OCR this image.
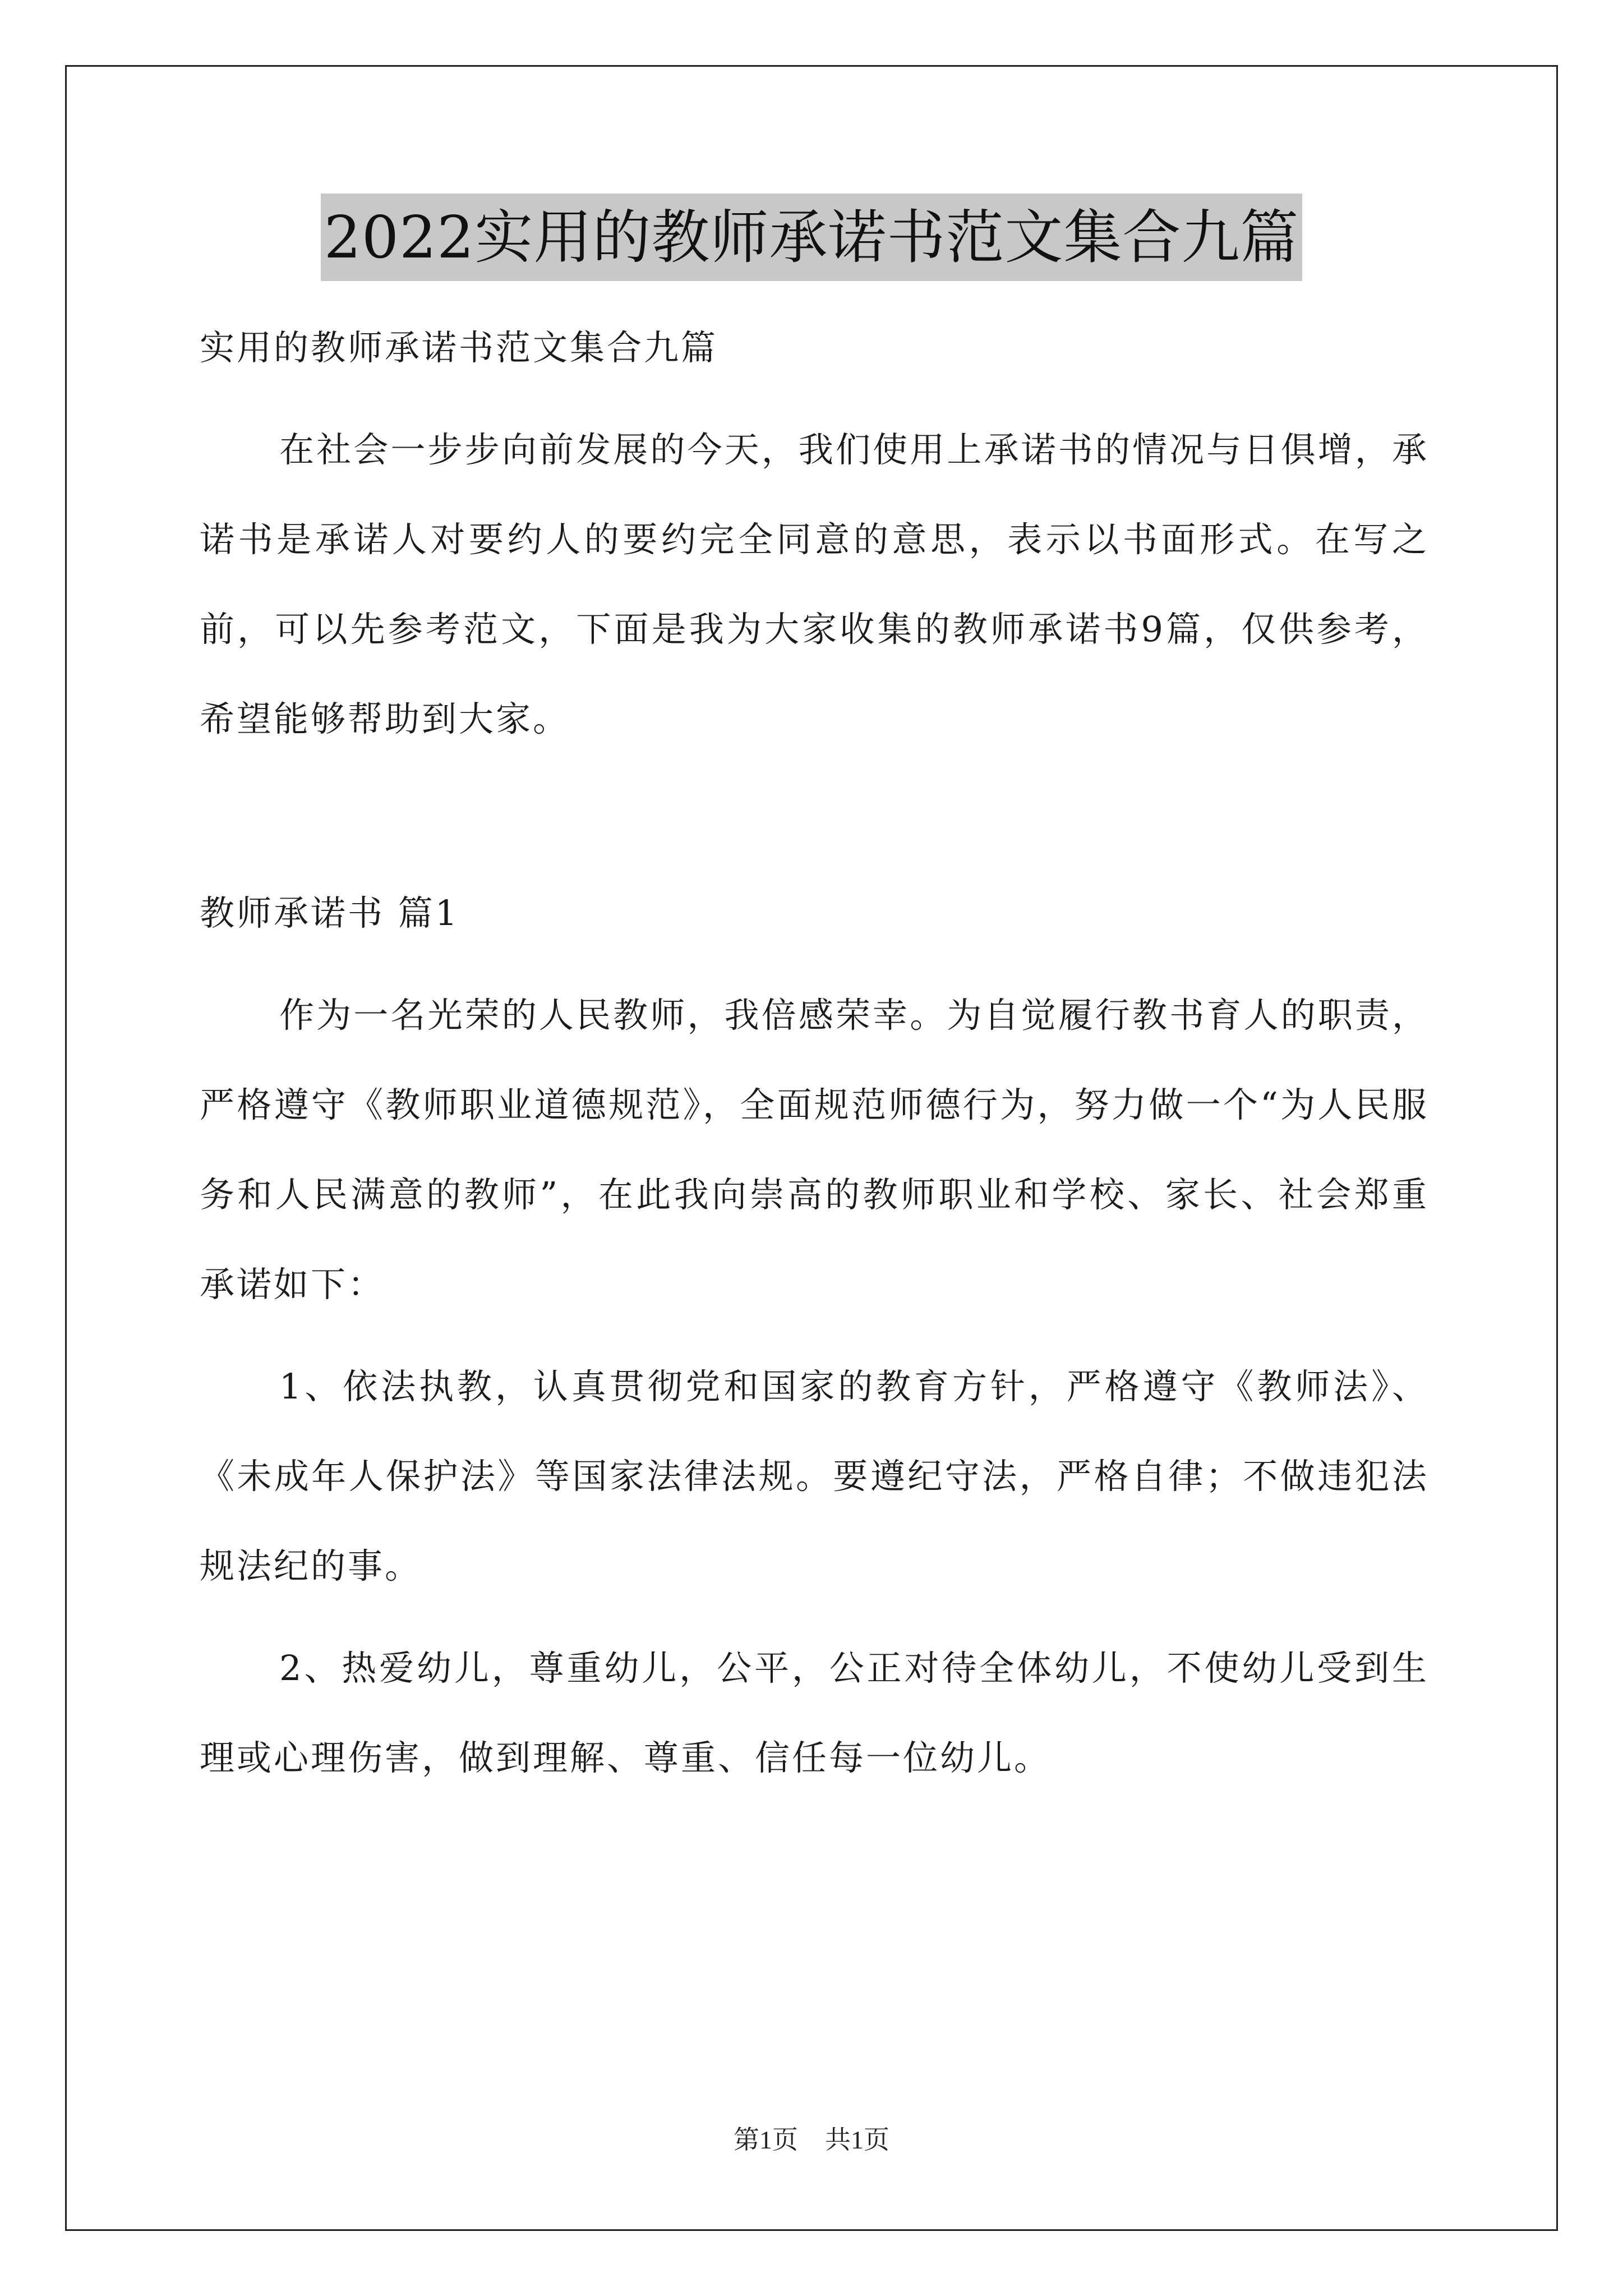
2022实用的教师承诺书范文集合九篇

实用的教师承诺书范文集合九篇

在社会一步步向前发展的今天，我们使用上承诺书的情况与日俱增，承诺书是承诺人对要约人的要约完全同意的意思，表示以书面形式。在写之前，可以先参考范文，下面是我为大家收集的教师承诺书9篇，仅供参考，希望能够帮助到大家。

教师承诺书 篇1

作为一名光荣的人民教师，我倍感荣幸。为自觉履行教书育人的职责，严格遵守《教师职业道德规范》，全面规范师德行为，努力做一个“为人民服务和人民满意的教师”，在此我向崇高的教师职业和学校、家长、社会郑重承诺如下：

1、依法执教，认真贯彻党和国家的教育方针，严格遵守《教师法》、《未成年人保护法》等国家法律法规。要遵纪守法，严格自律；不做违犯法规法纪的事。

2、热爱幼儿，尊重幼儿，公平，公正对待全体幼儿，不使幼儿受到生理或心理伤害，做到理解、尊重、信任每一位幼儿。

第1页 共1页
